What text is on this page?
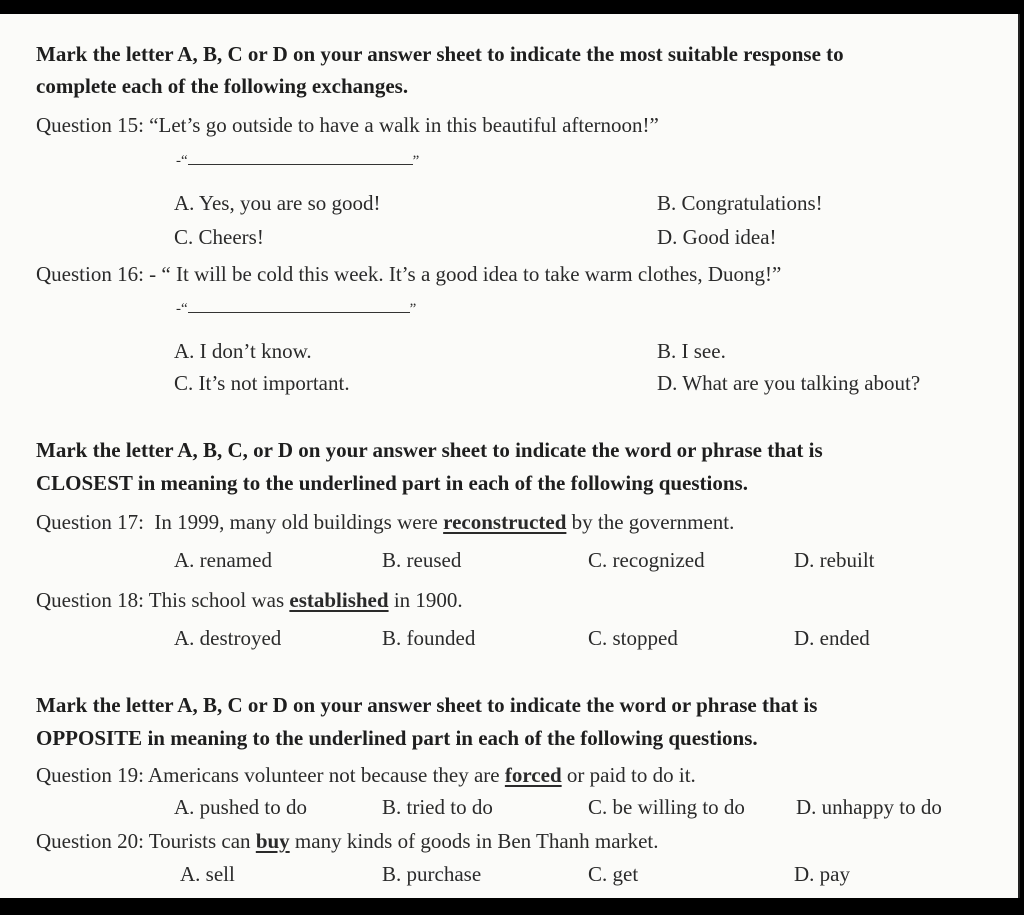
Mark the letter A, B, C or D on your answer sheet to indicate the most suitable response to
complete each of the following exchanges.
Question 15: “Let’s go outside to have a walk in this beautiful afternoon!”
-“	”
A. Yes, you are so good!	B. Congratulations!
C. Cheers!	D. Good idea!
Question 16: - “ It will be cold this week. It’s a good idea to take warm clothes, Duong!”
-“	”
A. I don’t know.	B. I see.
C. It’s not important.	D. What are you talking about?
Mark the letter A, B, C, or D on your answer sheet to indicate the word or phrase that is
CLOSEST in meaning to the underlined part in each of the following questions.
Question 17: In 1999, many old buildings were reconstructed by the government.
A. renamed	B. reused	C. recognized	D. rebuilt
Question 18: This school was established in 1900.
A. destroyed	B. founded	C. stopped	D. ended
Mark the letter A, B, C or D on your answer sheet to indicate the word or phrase that is
OPPOSITE in meaning to the underlined part in each of the following questions.
Question 19: Americans volunteer not because they are forced or paid to do it.
A. pushed to do	B. tried to do	C. be willing to do D. unhappy to do
Question 20: Tourists can buy many kinds of goods in Ben Thanh market.
A. sell	B. purchase	C. get	D. pay
